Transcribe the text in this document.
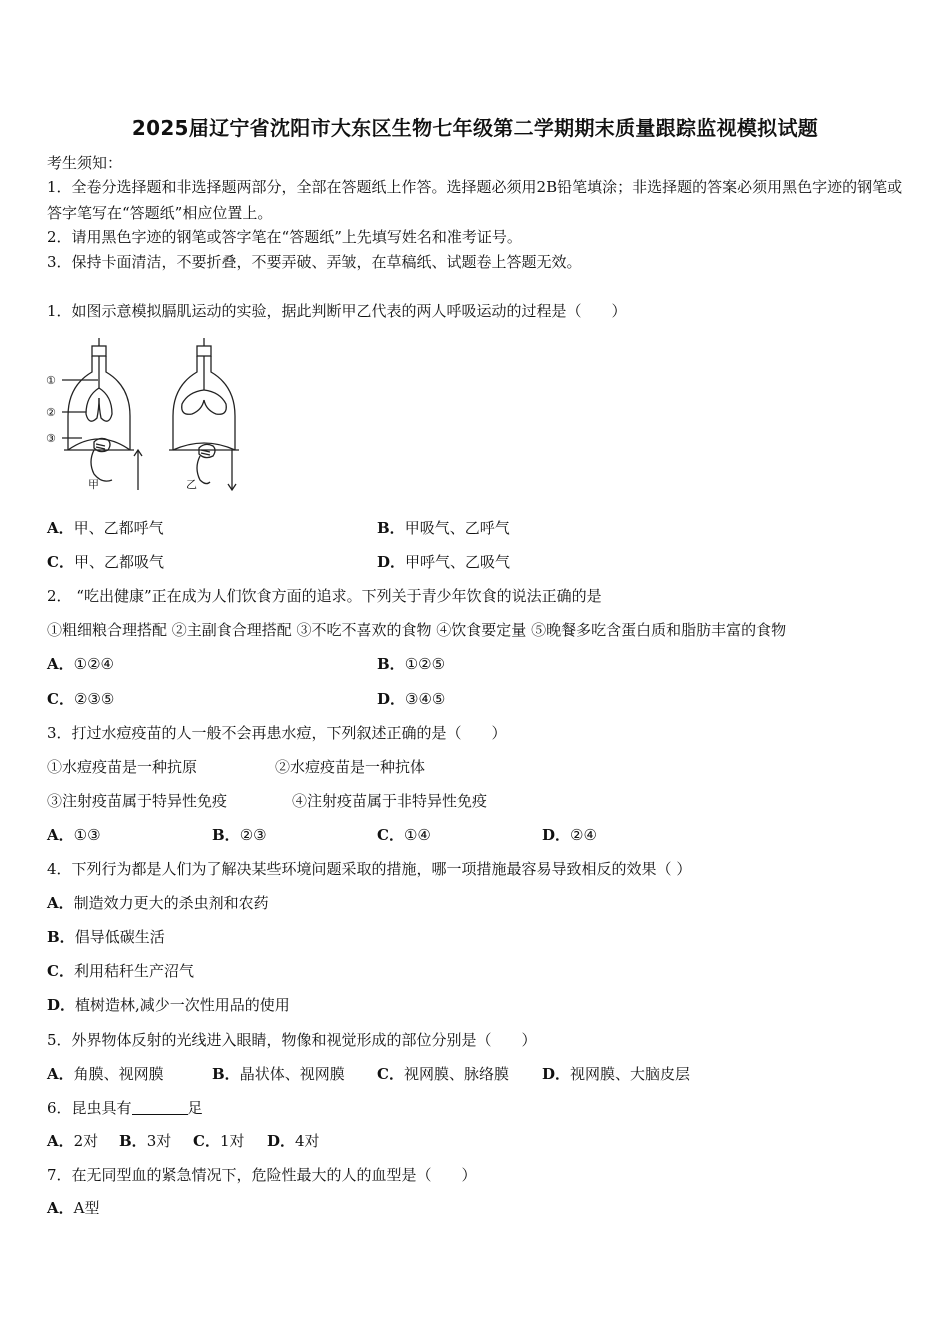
2025届辽宁省沈阳市大东区生物七年级第二学期期末质量跟踪监视模拟试题
考生须知：
1．全卷分选择题和非选择题两部分，全部在答题纸上作答。选择题必须用2B铅笔填涂；非选择题的答案必须用黑色字迹的钢笔或答字笔写在“答题纸”相应位置上。
2．请用黑色字迹的钢笔或答字笔在“答题纸”上先填写姓名和准考证号。
3．保持卡面清洁，不要折叠，不要弄破、弄皱，在草稿纸、试题卷上答题无效。
1．如图示意模拟膈肌运动的实验，据此判断甲乙代表的两人呼吸运动的过程是（　　）
①
②
③
甲	乙
A．甲、乙都呼气	B．甲吸气、乙呼气
C．甲、乙都吸气	D．甲呼气、乙吸气
2． “吃出健康”正在成为人们饮食方面的追求。下列关于青少年饮食的说法正确的是
①粗细粮合理搭配 ②主副食合理搭配 ③不吃不喜欢的食物 ④饮食要定量 ⑤晚餐多吃含蛋白质和脂肪丰富的食物
A．①②④	B．①②⑤
C．②③⑤	D．③④⑤
3．打过水痘疫苗的人一般不会再患水痘，下列叙述正确的是（　　）
①水痘疫苗是一种抗原	②水痘疫苗是一种抗体
③注射疫苗属于特异性免疫	④注射疫苗属于非特异性免疫
A．①③	B．②③	C．①④	D．②④
4．下列行为都是人们为了解决某些环境问题采取的措施，哪一项措施最容易导致相反的效果（ ）
A．制造效力更大的杀虫剂和农药
B．倡导低碳生活
C．利用秸秆生产沼气
D．植树造林,减少一次性用品的使用
5．外界物体反射的光线进入眼睛，物像和视觉形成的部位分别是（　　）
A．角膜、视网膜	B．晶状体、视网膜 C．视网膜、脉络膜 D．视网膜、大脑皮层
6．昆虫具有	足
A．2对 B．3对 C．1对 D．4对
7．在无同型血的紧急情况下，危险性最大的人的血型是（　　）
A．A型
